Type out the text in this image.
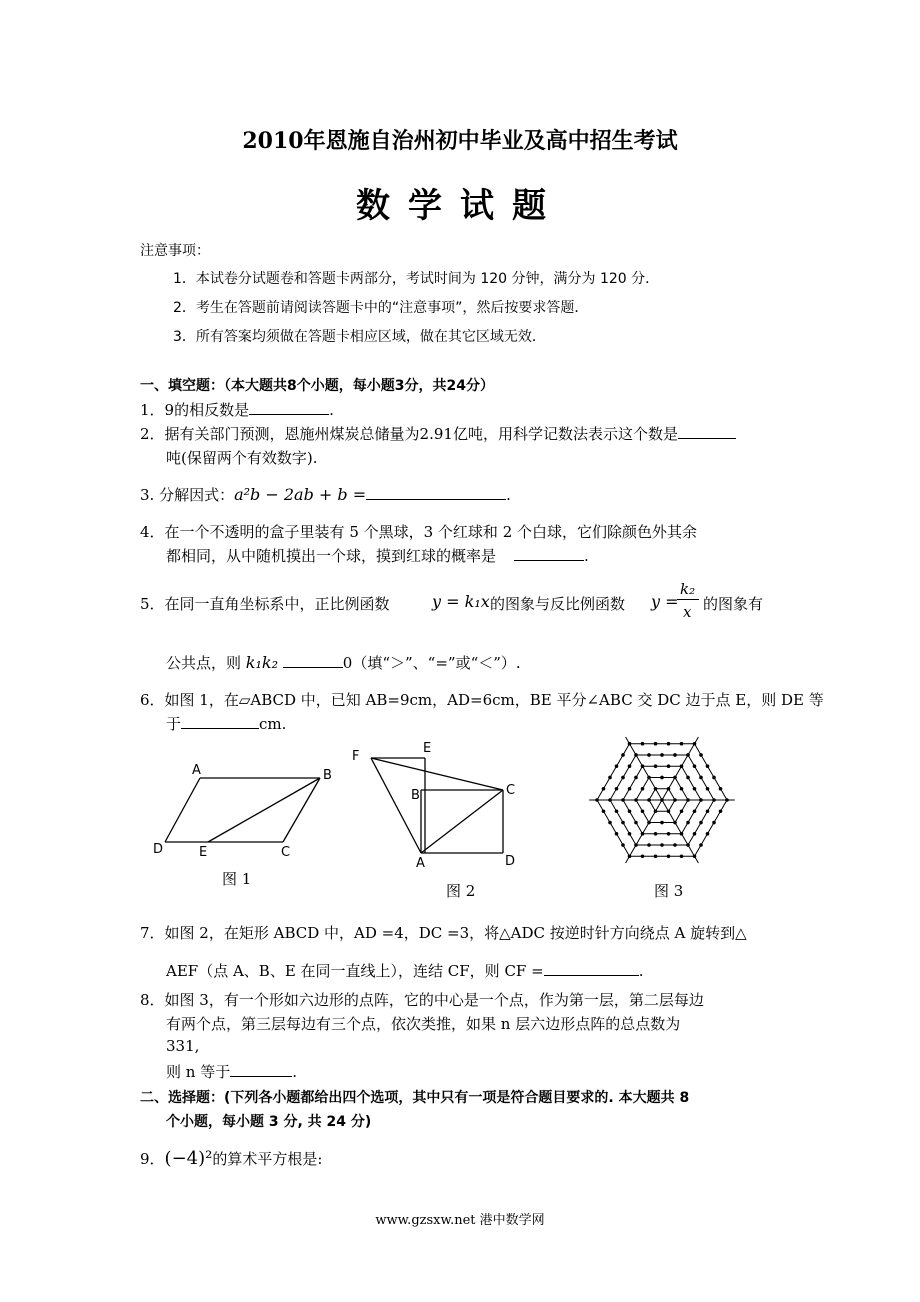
2010年恩施自治州初中毕业及高中招生考试
数学试题
注意事项：
1．本试卷分试题卷和答题卡两部分，考试时间为 120 分钟，满分为 120 分．
2．考生在答题前请阅读答题卡中的“注意事项”，然后按要求答题．
3．所有答案均须做在答题卡相应区域，做在其它区域无效．
一、填空题：（本大题共8个小题，每小题3分，共24分）
1．9的相反数是	.
2．据有关部门预测，恩施州煤炭总储量为2.91亿吨，用科学记数法表示这个数是
吨(保留两个有效数字).
3. 分解因式：a²b − 2ab + b =	.
4．在一个不透明的盒子里装有 5 个黑球，3 个红球和 2 个白球，它们除颜色外其余
都相同，从中随机摸出一个球，摸到红球的概率是	.
5．在同一直角坐标系中，正比例函数	y = k₁x 的图象与反比例函数 y =
k₂
x 的图象有
公共点，则 k₁k₂	0（填“＞”、“=”或“＜”）.
6．如图 1，在▱ABCD 中，已知 AB=9cm，AD=6cm，BE 平分∠ABC 交 DC 边于点 E，则 DE 等
于	cm.
A	B
C
D	E
图 1
F
E
B	C
D
A
图 2	图 3
7．如图 2，在矩形 ABCD 中，AD =4，DC =3，将△ADC 按逆时针方向绕点 A 旋转到△
AEF（点 A、B、E 在同一直线上），连结 CF，则 CF =	.
8．如图 3，有一个形如六边形的点阵，它的中心是一个点，作为第一层，第二层每边
有两个点，第三层每边有三个点，依次类推，如果 n 层六边形点阵的总点数为
331,
则 n 等于	.
二、选择题：(下列各小题都给出四个选项，其中只有一项是符合题目要求的. 本大题共 8
个小题，每小题 3 分, 共 24 分)
9．(−4)²的算术平方根是:
www.gzsxw.net 港中数学网
